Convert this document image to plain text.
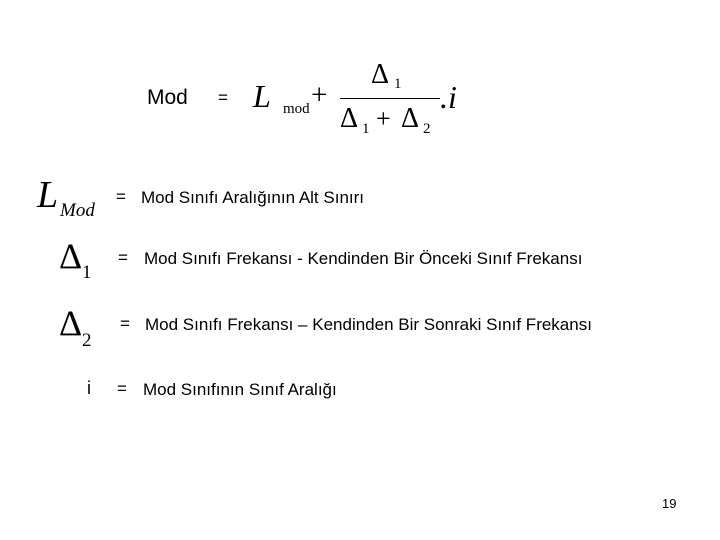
Mod = L mod +
Δ 1
Δ 1 + Δ 2
.i
L Mod
= Mod Sınıfı Aralığının Alt Sınırı
Δ 1
= Mod Sınıfı Frekansı - Kendinden Bir Önceki Sınıf Frekansı
Δ 2
= Mod Sınıfı Frekansı – Kendinden Bir Sonraki Sınıf Frekansı
i = Mod Sınıfının Sınıf Aralığı
19
